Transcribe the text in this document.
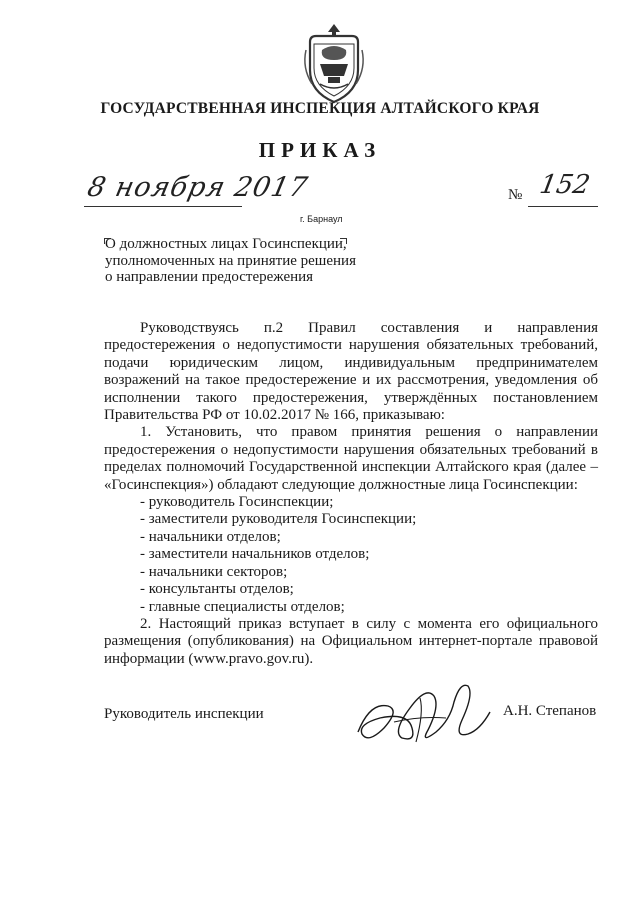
ГОСУДАРСТВЕННАЯ ИНСПЕКЦИЯ АЛТАЙСКОГО КРАЯ
ПРИКАЗ
8 ноября 2017	№ 152
г. Барнаул
О должностных лицах Госинспекции,
уполномоченных на принятие решения
о направлении предостережения

Руководствуясь п.2 Правил составления и направления предостережения о недопустимости нарушения обязательных требований, подачи юридическим лицом, индивидуальным предпринимателем возражений на такое предостережение и их рассмотрения, уведомления об исполнении такого предостережения, утверждённых постановлением Правительства РФ от 10.02.2017 № 166, приказываю:

1. Установить, что правом принятия решения о направлении предостережения о недопустимости нарушения обязательных требований в пределах полномочий Государственной инспекции Алтайского края (далее – «Госинспекция») обладают следующие должностные лица Госинспекции:

- руководитель Госинспекции;
- заместители руководителя Госинспекции;
- начальники отделов;
- заместители начальников отделов;
- начальники секторов;
- консультанты отделов;
- главные специалисты отделов;

2. Настоящий приказ вступает в силу с момента его официального размещения (опубликования) на Официальном интернет-портале правовой информации (www.pravo.gov.ru).

Руководитель инспекции	А.Н. Степанов
